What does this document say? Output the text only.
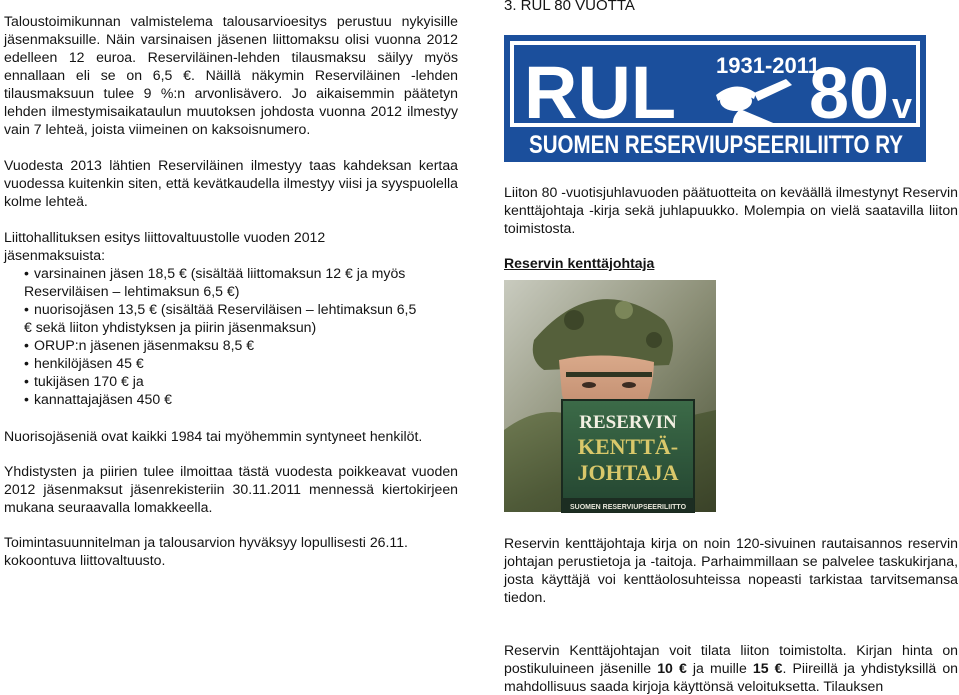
Taloustoimikunnan valmistelema talousarvioesitys perustuu nykyisille jäsenmaksuille. Näin varsinaisen jäsenen liittomaksu olisi vuonna 2012 edelleen 12 euroa. Reserviläinen-lehden tilausmaksu säilyy myös ennallaan eli se on 6,5 €. Näillä näkymin Reserviläinen -lehden tilausmaksuun tulee 9 %:n arvonlisävero. Jo aikaisemmin päätetyn lehden ilmestymisaikataulun muutoksen johdosta vuonna 2012 ilmestyy vain 7 lehteä, joista viimeinen on kaksoisnumero.

Vuodesta 2013 lähtien Reserviläinen ilmestyy taas kahdeksan kertaa vuodessa kuitenkin siten, että kevätkaudella ilmestyy viisi ja syyspuolella kolme lehteä.

Liittohallituksen esitys liittovaltuustolle vuoden 2012

jäsenmaksuista:

• varsinainen jäsen 18,5 € (sisältää liittomaksun 12 € ja myös
Reserviläisen – lehtimaksun 6,5 €)
• nuorisojäsen 13,5 € (sisältää Reserviläisen – lehtimaksun 6,5
€ sekä liiton yhdistyksen ja piirin jäsenmaksun)
• ORUP:n jäsenen jäsenmaksu 8,5 €
• henkilöjäsen 45 €
• tukijäsen 170 € ja
• kannattajajäsen 450 €

Nuorisojäseniä ovat kaikki 1984 tai myöhemmin syntyneet henkilöt.

Yhdistysten ja piirien tulee ilmoittaa tästä vuodesta poikkeavat vuoden 2012 jäsenmaksut jäsenrekisteriin 30.11.2011 mennessä kiertokirjeen mukana seuraavalla lomakkeella.

Toimintasuunnitelman ja talousarvion hyväksyy lopullisesti 26.11. kokoontuva liittovaltuusto.

3. RUL 80 VUOTTA
RUL 1931-2011
80 v
SUOMEN RESERVIUPSEERILIITTO RY

Liiton 80 -vuotisjuhlavuoden päätuotteita on keväällä ilmestynyt Reservin kenttäjohtaja -kirja sekä juhlapuukko. Molempia on vielä saatavilla liiton toimistosta.

Reservin kenttäjohtaja

RESERVIN
KENTTÄ-
JOHTAJA
SUOMEN RESERVIUPSEERILIITTO

Reservin kenttäjohtaja kirja on noin 120-sivuinen rautaisannos reservin johtajan perustietoja ja -taitoja. Parhaimmillaan se palvelee taskukirjana, josta käyttäjä voi kenttäolosuhteissa nopeasti tarkistaa tarvitsemansa tiedon.

Reservin Kenttäjohtajan voit tilata liiton toimistolta. Kirjan hinta on postikuluineen jäsenille 10 € ja muille 15 €. Piireillä ja yhdistyksillä on mahdollisuus saada kirjoja käyttönsä veloituksetta. Tilauksen
